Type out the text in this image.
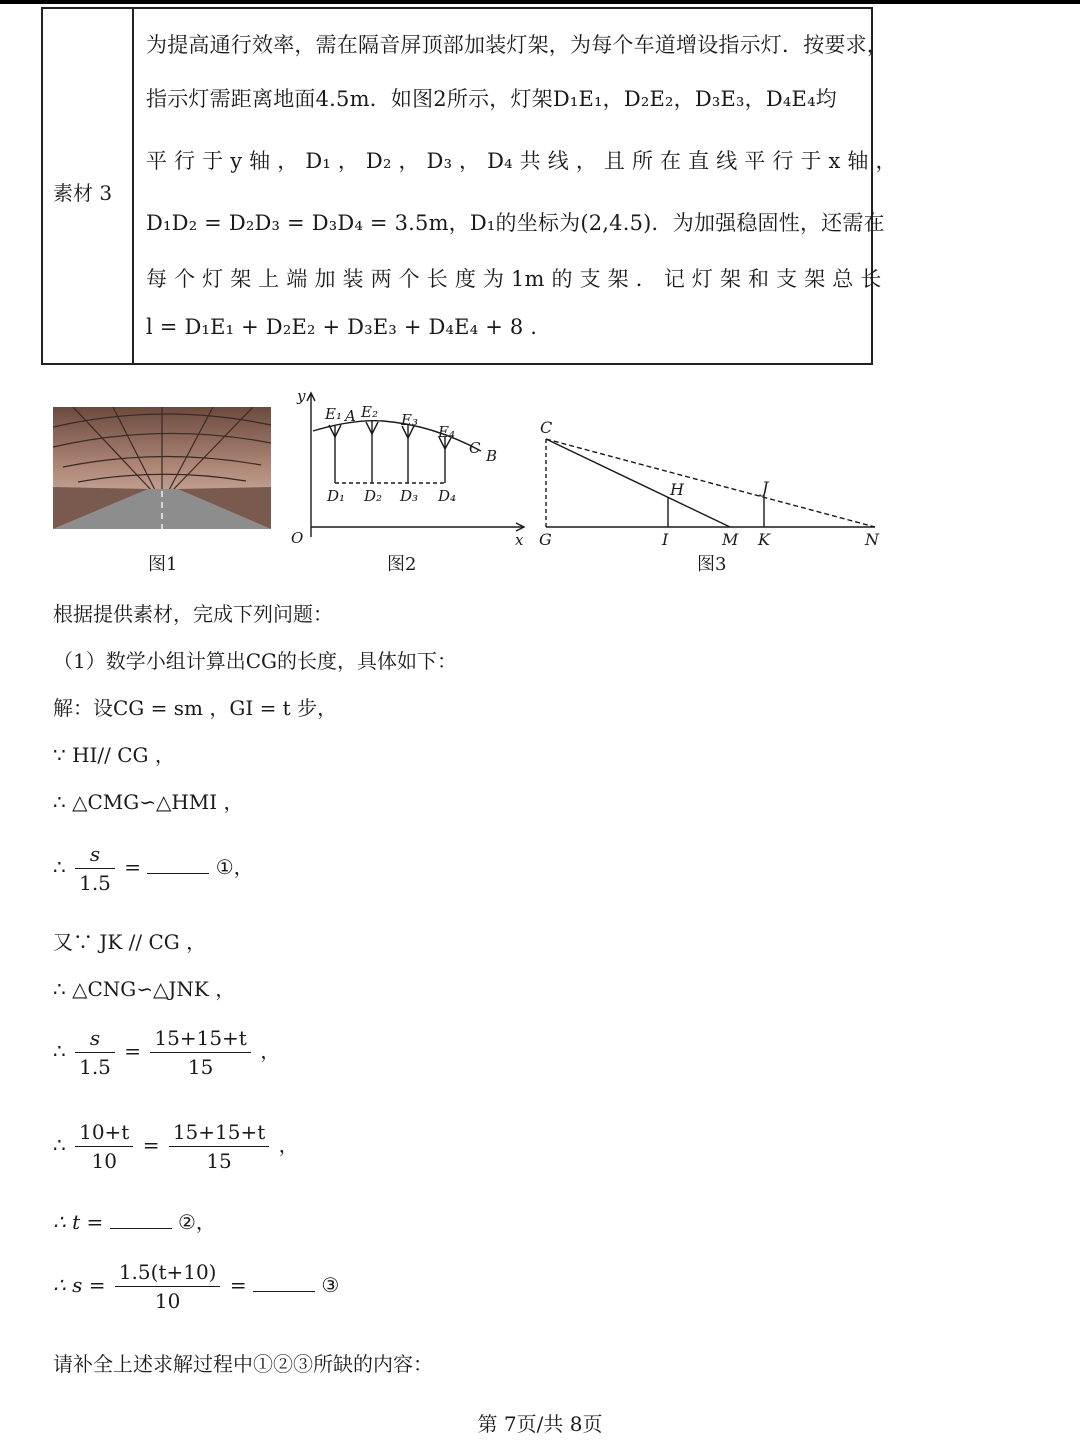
素材 3
为提高通行效率，需在隔音屏顶部加装灯架，为每个车道增设指示灯．按要求，
指示灯需距离地面4.5m．如图2所示，灯架D₁E₁，D₂E₂，D₃E₃，D₄E₄均
平 行 于 y 轴 ， D₁ ， D₂ ， D₃ ， D₄ 共 线 ， 且 所 在 直 线 平 行 于 x 轴 ，
D₁D₂ = D₂D₃ = D₃D₄ = 3.5m，D₁的坐标为(2,4.5)．为加强稳固性，还需在
每 个 灯 架 上 端 加 装 两 个 长 度 为 1m 的 支 架 ． 记 灯 架 和 支 架 总 长
l = D₁E₁ + D₂E₂ + D₃E₃ + D₄E₄ + 8 .
图1
y
x
O
E₁ A E₂ E₃
E₄
C B
D₁ D₂ D₃ D₄
图2
C
G
H
I	M
J
K	N
图3
根据提供素材，完成下列问题：
（1）数学小组计算出CG的长度，具体如下：
解：设CG = sm ，GI = t 步，
∵ HI// CG ，
∴ △CMG∽△HMI ，
∴ $\frac{s}{1.5}$ =	①，
又∵ JK // CG ，
∴ △CNG∽△JNK ，
∴ $\frac{s}{1.5} = \frac{15+15+t}{15}$ ，
∴ $\frac{10+t}{10} = \frac{15+15+t}{15}$ ，
∴ t =	②，
∴ $s = \frac{1.5(t+10)}{10}$ =	③
请补全上述求解过程中①②③所缺的内容：
第 7页/共 8页
